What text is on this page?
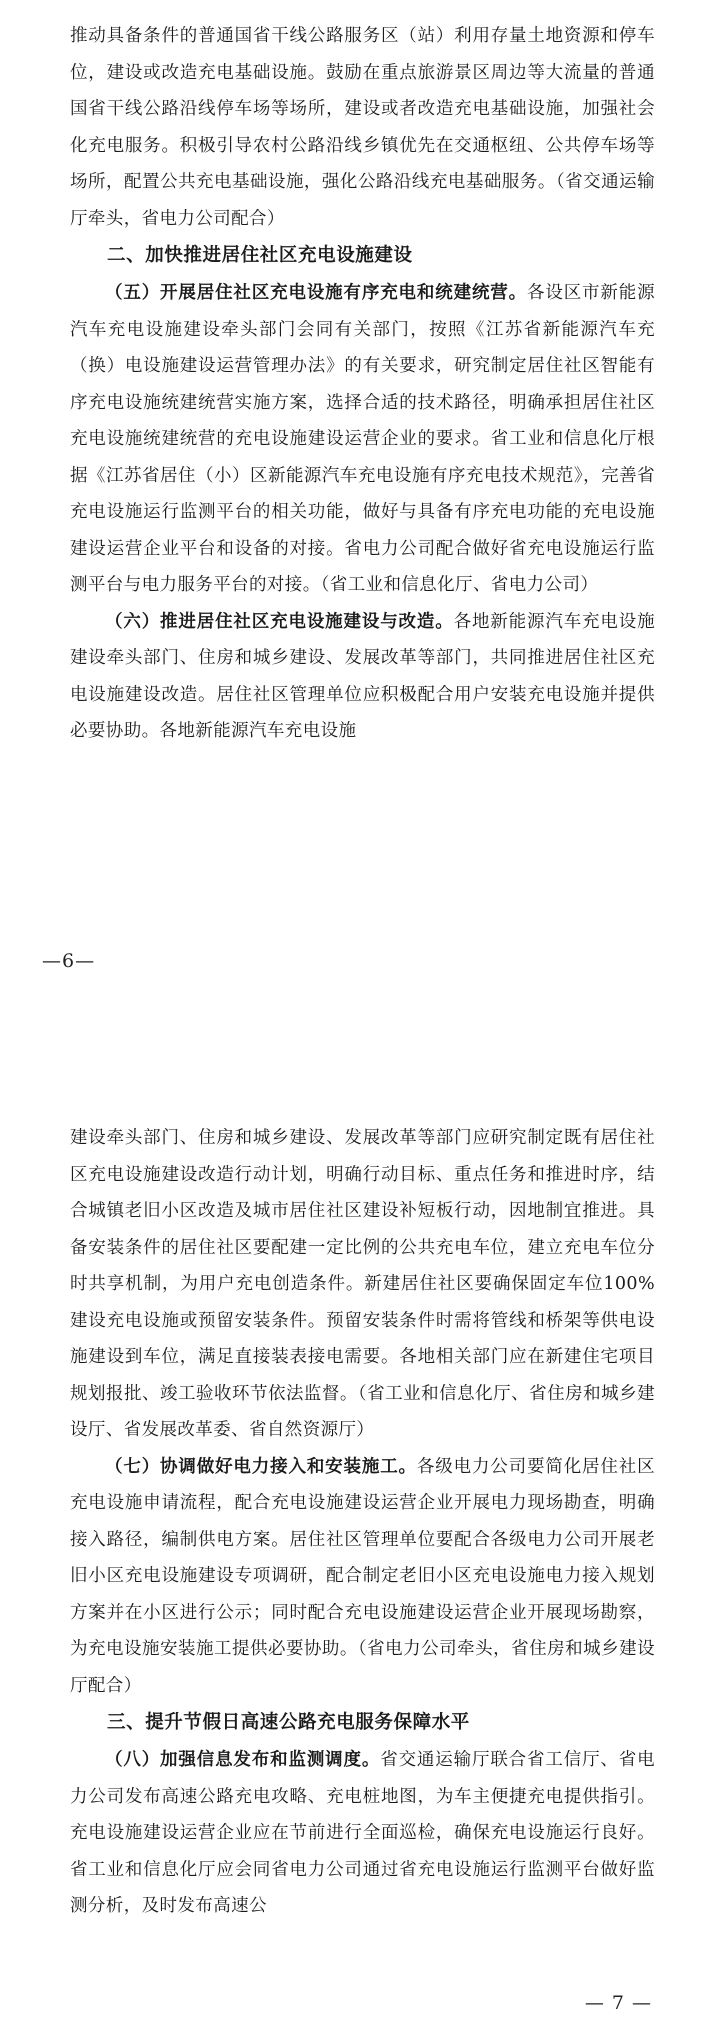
推动具备条件的普通国省干线公路服务区（站）利用存量土地资源和停车位，建设或改造充电基础设施。鼓励在重点旅游景区周边等大流量的普通国省干线公路沿线停车场等场所，建设或者改造充电基础设施，加强社会化充电服务。积极引导农村公路沿线乡镇优先在交通枢纽、公共停车场等场所，配置公共充电基础设施，强化公路沿线充电基础服务。（省交通运输厅牵头，省电力公司配合）

二、加快推进居住社区充电设施建设

（五）开展居住社区充电设施有序充电和统建统营。各设区市新能源汽车充电设施建设牵头部门会同有关部门，按照《江苏省新能源汽车充（换）电设施建设运营管理办法》的有关要求，研究制定居住社区智能有序充电设施统建统营实施方案，选择合适的技术路径，明确承担居住社区充电设施统建统营的充电设施建设运营企业的要求。省工业和信息化厅根据《江苏省居住（小）区新能源汽车充电设施有序充电技术规范》，完善省充电设施运行监测平台的相关功能，做好与具备有序充电功能的充电设施建设运营企业平台和设备的对接。省电力公司配合做好省充电设施运行监测平台与电力服务平台的对接。（省工业和信息化厅、省电力公司）

（六）推进居住社区充电设施建设与改造。各地新能源汽车充电设施建设牵头部门、住房和城乡建设、发展改革等部门，共同推进居住社区充电设施建设改造。居住社区管理单位应积极配合用户安装充电设施并提供必要协助。各地新能源汽车充电设施

—6—

建设牵头部门、住房和城乡建设、发展改革等部门应研究制定既有居住社区充电设施建设改造行动计划，明确行动目标、重点任务和推进时序，结合城镇老旧小区改造及城市居住社区建设补短板行动，因地制宜推进。具备安装条件的居住社区要配建一定比例的公共充电车位，建立充电车位分时共享机制，为用户充电创造条件。新建居住社区要确保固定车位100%建设充电设施或预留安装条件。预留安装条件时需将管线和桥架等供电设施建设到车位，满足直接装表接电需要。各地相关部门应在新建住宅项目规划报批、竣工验收环节依法监督。（省工业和信息化厅、省住房和城乡建设厅、省发展改革委、省自然资源厅）

（七）协调做好电力接入和安装施工。各级电力公司要简化居住社区充电设施申请流程，配合充电设施建设运营企业开展电力现场勘查，明确接入路径，编制供电方案。居住社区管理单位要配合各级电力公司开展老旧小区充电设施建设专项调研，配合制定老旧小区充电设施电力接入规划方案并在小区进行公示；同时配合充电设施建设运营企业开展现场勘察，为充电设施安装施工提供必要协助。（省电力公司牵头，省住房和城乡建设厅配合）

三、提升节假日高速公路充电服务保障水平

（八）加强信息发布和监测调度。省交通运输厅联合省工信厅、省电力公司发布高速公路充电攻略、充电桩地图，为车主便捷充电提供指引。充电设施建设运营企业应在节前进行全面巡检，确保充电设施运行良好。省工业和信息化厅应会同省电力公司通过省充电设施运行监测平台做好监测分析，及时发布高速公

— 7 —
